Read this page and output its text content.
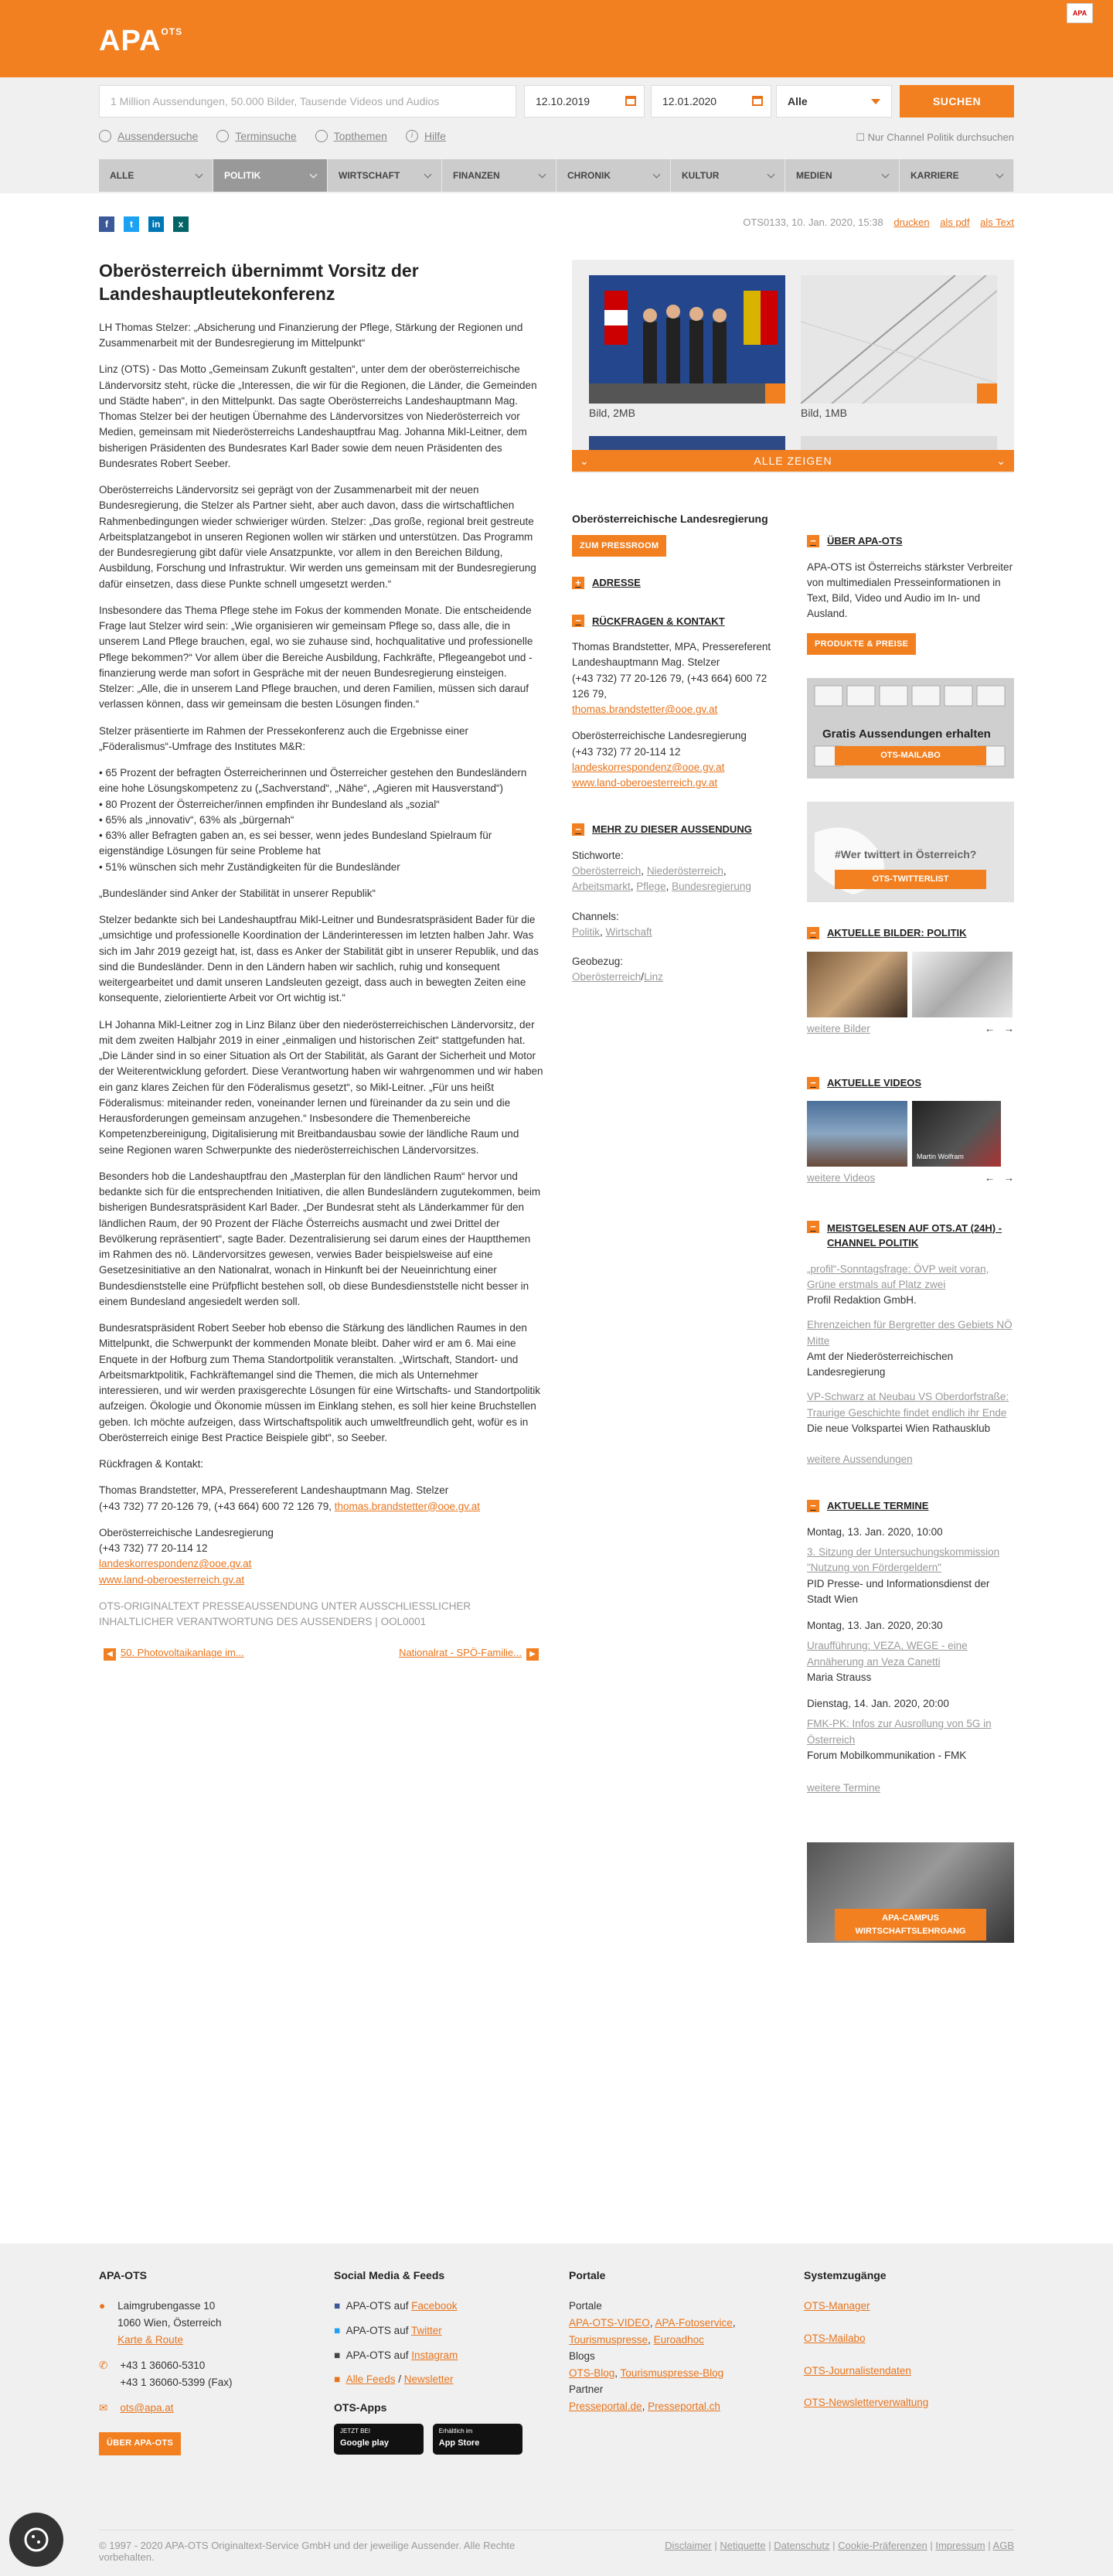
$APA^{OTS}$
APA
1 Million Aussendungen, 50.000 Bilder, Tausende Videos und Audios	12.10.2019	12.01.2020	Alle	SUCHEN
Aussendersuche	Terminsuche	Topthemen	i	Hilfe	☐ Nur Channel Politik durchsuchen
ALLE	POLITIK	WIRTSCHAFT	FINANZEN	CHRONIK	KULTUR	MEDIEN	KARRIERE
f	t	in	x	OTS0133, 10. Jan. 2020, 15:38 drucken als pdf als Text
Oberösterreich übernimmt Vorsitz der Landeshauptleutekonferenz

LH Thomas Stelzer: „Absicherung und Finanzierung der Pflege, Stärkung der Regionen und Zusammenarbeit mit der Bundesregierung im Mittelpunkt“

Linz (OTS) - Das Motto „Gemeinsam Zukunft gestalten“, unter dem der oberösterreichische Ländervorsitz steht, rücke die „Interessen, die wir für die Regionen, die Länder, die Gemeinden und Städte haben“, in den Mittelpunkt. Das sagte Oberösterreichs Landeshauptmann Mag. Thomas Stelzer bei der heutigen Übernahme des Ländervorsitzes von Niederösterreich vor Medien, gemeinsam mit Niederösterreichs Landeshauptfrau Mag. Johanna Mikl-Leitner, dem bisherigen Präsidenten des Bundesrates Karl Bader sowie dem neuen Präsidenten des Bundesrates Robert Seeber.

Oberösterreichs Ländervorsitz sei geprägt von der Zusammenarbeit mit der neuen Bundesregierung, die Stelzer als Partner sieht, aber auch davon, dass die wirtschaftlichen Rahmenbedingungen wieder schwieriger würden. Stelzer: „Das große, regional breit gestreute Arbeitsplatzangebot in unseren Regionen wollen wir stärken und unterstützen. Das Programm der Bundesregierung gibt dafür viele Ansatzpunkte, vor allem in den Bereichen Bildung, Ausbildung, Forschung und Infrastruktur. Wir werden uns gemeinsam mit der Bundesregierung dafür einsetzen, dass diese Punkte schnell umgesetzt werden.“

Insbesondere das Thema Pflege stehe im Fokus der kommenden Monate. Die entscheidende Frage laut Stelzer wird sein: „Wie organisieren wir gemeinsam Pflege so, dass alle, die in unserem Land Pflege brauchen, egal, wo sie zuhause sind, hochqualitative und professionelle Pflege bekommen?“ Vor allem über die Bereiche Ausbildung, Fachkräfte, Pflegeangebot und -finanzierung werde man sofort in Gespräche mit der neuen Bundesregierung einsteigen. Stelzer: „Alle, die in unserem Land Pflege brauchen, und deren Familien, müssen sich darauf verlassen können, dass wir gemeinsam die besten Lösungen finden.“

Stelzer präsentierte im Rahmen der Pressekonferenz auch die Ergebnisse einer „Föderalismus“-Umfrage des Institutes M&R:

• 65 Prozent der befragten Österreicherinnen und Österreicher gestehen den Bundesländern eine hohe Lösungskompetenz zu („Sachverstand“, „Nähe“, „Agieren mit Hausverstand“)
• 80 Prozent der Österreicher/innen empfinden ihr Bundesland als „sozial“
• 65% als „innovativ“, 63% als „bürgernah“
• 63% aller Befragten gaben an, es sei besser, wenn jedes Bundesland Spielraum für eigenständige Lösungen für seine Probleme hat
• 51% wünschen sich mehr Zuständigkeiten für die Bundesländer

„Bundesländer sind Anker der Stabilität in unserer Republik“

Stelzer bedankte sich bei Landeshauptfrau Mikl-Leitner und Bundesratspräsident Bader für die „umsichtige und professionelle Koordination der Länderinteressen im letzten halben Jahr. Was sich im Jahr 2019 gezeigt hat, ist, dass es Anker der Stabilität gibt in unserer Republik, und das sind die Bundesländer. Denn in den Ländern haben wir sachlich, ruhig und konsequent weitergearbeitet und damit unseren Landsleuten gezeigt, dass auch in bewegten Zeiten eine konsequente, zielorientierte Arbeit vor Ort wichtig ist.“

LH Johanna Mikl-Leitner zog in Linz Bilanz über den niederösterreichischen Ländervorsitz, der mit dem zweiten Halbjahr 2019 in einer „einmaligen und historischen Zeit“ stattgefunden hat. „Die Länder sind in so einer Situation als Ort der Stabilität, als Garant der Sicherheit und Motor der Weiterentwicklung gefordert. Diese Verantwortung haben wir wahrgenommen und wir haben ein ganz klares Zeichen für den Föderalismus gesetzt“, so Mikl-Leitner. „Für uns heißt Föderalismus: miteinander reden, voneinander lernen und füreinander da zu sein und die Herausforderungen gemeinsam anzugehen.“ Insbesondere die Themenbereiche Kompetenzbereinigung, Digitalisierung mit Breitbandausbau sowie der ländliche Raum und seine Regionen waren Schwerpunkte des niederösterreichischen Ländervorsitzes.

Besonders hob die Landeshauptfrau den „Masterplan für den ländlichen Raum“ hervor und bedankte sich für die entsprechenden Initiativen, die allen Bundesländern zugutekommen, beim bisherigen Bundesratspräsident Karl Bader. „Der Bundesrat steht als Länderkammer für den ländlichen Raum, der 90 Prozent der Fläche Österreichs ausmacht und zwei Drittel der Bevölkerung repräsentiert“, sagte Bader. Dezentralisierung sei darum eines der Hauptthemen im Rahmen des nö. Ländervorsitzes gewesen, verwies Bader beispielsweise auf eine Gesetzesinitiative an den Nationalrat, wonach in Hinkunft bei der Neueinrichtung einer Bundesdienststelle eine Prüfpflicht bestehen soll, ob diese Bundesdienststelle nicht besser in einem Bundesland angesiedelt werden soll.

Bundesratspräsident Robert Seeber hob ebenso die Stärkung des ländlichen Raumes in den Mittelpunkt, die Schwerpunkt der kommenden Monate bleibt. Daher wird er am 6. Mai eine Enquete in der Hofburg zum Thema Standortpolitik veranstalten. „Wirtschaft, Standort- und Arbeitsmarktpolitik, Fachkräftemangel sind die Themen, die mich als Unternehmer interessieren, und wir werden praxisgerechte Lösungen für eine Wirtschafts- und Standortpolitik aufzeigen. Ökologie und Ökonomie müssen im Einklang stehen, es soll hier keine Bruchstellen geben. Ich möchte aufzeigen, dass Wirtschaftspolitik auch umweltfreundlich geht, wofür es in Oberösterreich einige Best Practice Beispiele gibt“, so Seeber.

Rückfragen & Kontakt:

Thomas Brandstetter, MPA, Pressereferent Landeshauptmann Mag. Stelzer
(+43 732) 77 20-126 79, (+43 664) 600 72 126 79, thomas.brandstetter@ooe.gv.at

Oberösterreichische Landesregierung
(+43 732) 77 20-114 12
landeskorrespondenz@ooe.gv.at
www.land-oberoesterreich.gv.at

OTS-ORIGINALTEXT PRESSEAUSSENDUNG UNTER AUSSCHLIESSLICHER INHALTLICHER VERANTWORTUNG DES AUSSENDERS | OOL0001

◀ 50. Photovoltaikanlage im...	Nationalrat - SPÖ-Familie... ▶
Bild, 2MB	Bild, 1MB
⌄	ALLE ZEIGEN	⌄
Oberösterreichische Landesregierung
ZUM PRESSROOM
+	ADRESSE
−	RÜCKFRAGEN & KONTAKT
Thomas Brandstetter, MPA, Pressereferent Landeshauptmann Mag. Stelzer
(+43 732) 77 20-126 79, (+43 664) 600 72 126 79,
thomas.brandstetter@ooe.gv.at
Oberösterreichische Landesregierung
(+43 732) 77 20-114 12
landeskorrespondenz@ooe.gv.at
www.land-oberoesterreich.gv.at
−	MEHR ZU DIESER AUSSENDUNG
Stichworte:
Oberösterreich, Niederösterreich, Arbeitsmarkt, Pflege, Bundesregierung
Channels:
Politik, Wirtschaft
Geobezug:
Oberösterreich/Linz
−	ÜBER APA-OTS

APA-OTS ist Österreichs stärkster Verbreiter von multimedialen Presseinformationen in Text, Bild, Video und Audio im In- und Ausland.

PRODUKTE & PREISE
Gratis Aussendungen erhalten
OTS-MAILABO
#Wer twittert in Österreich?
OTS-TWITTERLIST
−	AKTUELLE BILDER: POLITIK
weitere Bilder	← →
−	AKTUELLE VIDEOS
Martin Wolfram
weitere Videos	← →
−	MEISTGELESEN AUF OTS.AT (24H) - CHANNEL POLITIK
„profil“-Sonntagsfrage: ÖVP weit voran, Grüne erstmals auf Platz zwei
Profil Redaktion GmbH.
Ehrenzeichen für Bergretter des Gebiets NÖ Mitte
Amt der Niederösterreichischen Landesregierung
VP-Schwarz at Neubau VS Oberdorfstraße: Traurige Geschichte findet endlich ihr Ende
Die neue Volkspartei Wien Rathausklub
weitere Aussendungen
−	AKTUELLE TERMINE
Montag, 13. Jan. 2020, 10:00
3. Sitzung der Untersuchungskommission "Nutzung von Fördergeldern"
PID Presse- und Informationsdienst der Stadt Wien
Montag, 13. Jan. 2020, 20:30
Uraufführung: VEZA, WEGE - eine Annäherung an Veza Canetti
Maria Strauss
Dienstag, 14. Jan. 2020, 20:00
FMK-PK: Infos zur Ausrollung von 5G in Österreich
Forum Mobilkommunikation - FMK
weitere Termine
APA-CAMPUS WIRTSCHAFTSLEHRGANG
APA-OTS
● Laimgrubengasse 10
1060 Wien, Österreich
Karte & Route
✆ +43 1 36060-5310
+43 1 36060-5399 (Fax)
✉ ots@apa.at
ÜBER APA-OTS
Social Media & Feeds
■ APA-OTS auf Facebook
■ APA-OTS auf Twitter
■ APA-OTS auf Instagram
■ Alle Feeds / Newsletter
OTS-Apps
JETZT BEI
Google play
Erhältlich im
App Store
Portale
Portale
APA-OTS-VIDEO, APA-Fotoservice, Tourismuspresse, Euroadhoc
Blogs
OTS-Blog, Tourismuspresse-Blog
Partner
Presseportal.de, Presseportal.ch
Systemzugänge
OTS-Manager
OTS-Mailabo
OTS-Journalistendaten
OTS-Newsletterverwaltung
© 1997 - 2020 APA-OTS Originaltext-Service GmbH und der jeweilige Aussender. Alle Rechte vorbehalten.
Disclaimer | Netiquette | Datenschutz | Cookie-Präferenzen | Impressum | AGB
